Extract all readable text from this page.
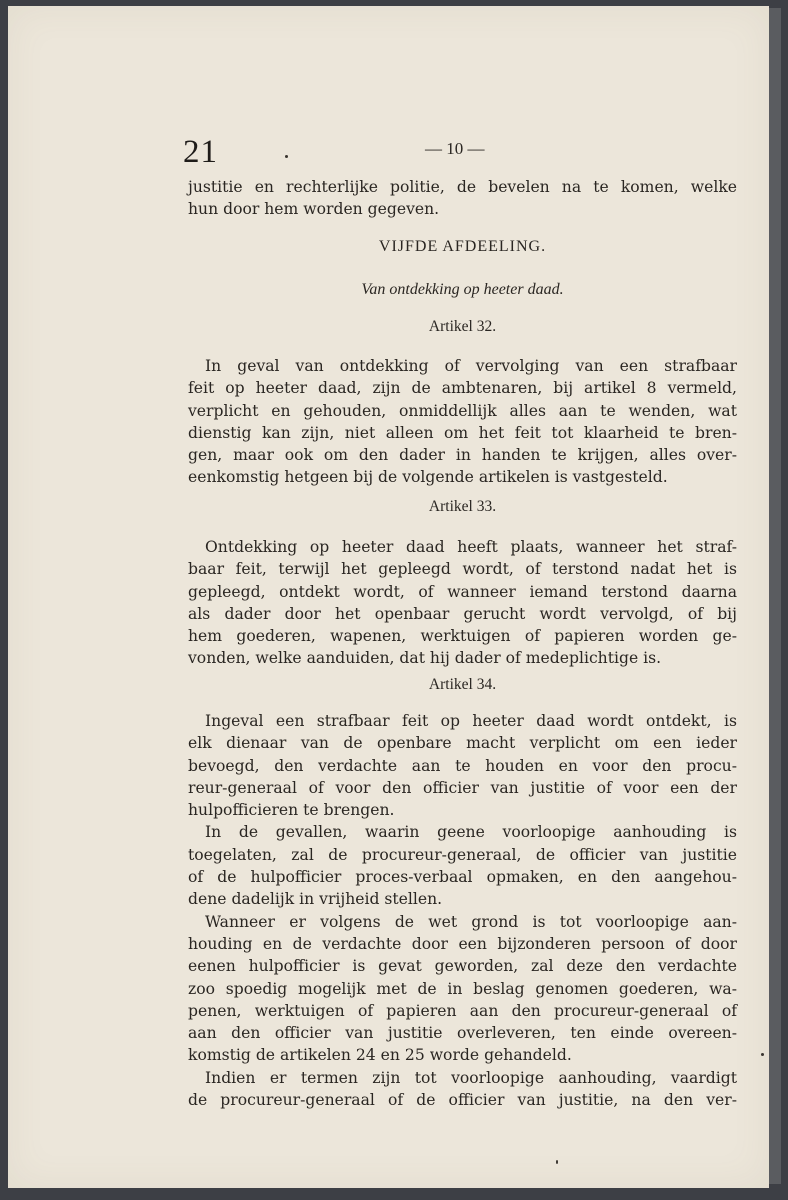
21	— 10 —
justitie en rechterlijke politie, de bevelen na te komen, welke
hun door hem worden gegeven.
VIJFDE AFDEELING.
Van ontdekking op heeter daad.
Artikel 32.
In geval van ontdekking of vervolging van een strafbaar
feit op heeter daad, zijn de ambtenaren, bij artikel 8 vermeld,
verplicht en gehouden, onmiddellijk alles aan te wenden, wat
dienstig kan zijn, niet alleen om het feit tot klaarheid te bren-
gen, maar ook om den dader in handen te krijgen, alles over-
eenkomstig hetgeen bij de volgende artikelen is vastgesteld.
Artikel 33.
Ontdekking op heeter daad heeft plaats, wanneer het straf-
baar feit, terwijl het gepleegd wordt, of terstond nadat het is
gepleegd, ontdekt wordt, of wanneer iemand terstond daarna
als dader door het openbaar gerucht wordt vervolgd, of bij
hem goederen, wapenen, werktuigen of papieren worden ge-
vonden, welke aanduiden, dat hij dader of medeplichtige is.
Artikel 34.
Ingeval een strafbaar feit op heeter daad wordt ontdekt, is
elk dienaar van de openbare macht verplicht om een ieder
bevoegd, den verdachte aan te houden en voor den procu-
reur-generaal of voor den officier van justitie of voor een der
hulpofficieren te brengen.
In de gevallen, waarin geene voorloopige aanhouding is
toegelaten, zal de procureur-generaal, de officier van justitie
of de hulpofficier proces-verbaal opmaken, en den aangehou-
dene dadelijk in vrijheid stellen.
Wanneer er volgens de wet grond is tot voorloopige aan-
houding en de verdachte door een bijzonderen persoon of door
eenen hulpofficier is gevat geworden, zal deze den verdachte
zoo spoedig mogelijk met de in beslag genomen goederen, wa-
penen, werktuigen of papieren aan den procureur-generaal of
aan den officier van justitie overleveren, ten einde overeen-
komstig de artikelen 24 en 25 worde gehandeld.
Indien er termen zijn tot voorloopige aanhouding, vaardigt
de procureur-generaal of de officier van justitie, na den ver-
